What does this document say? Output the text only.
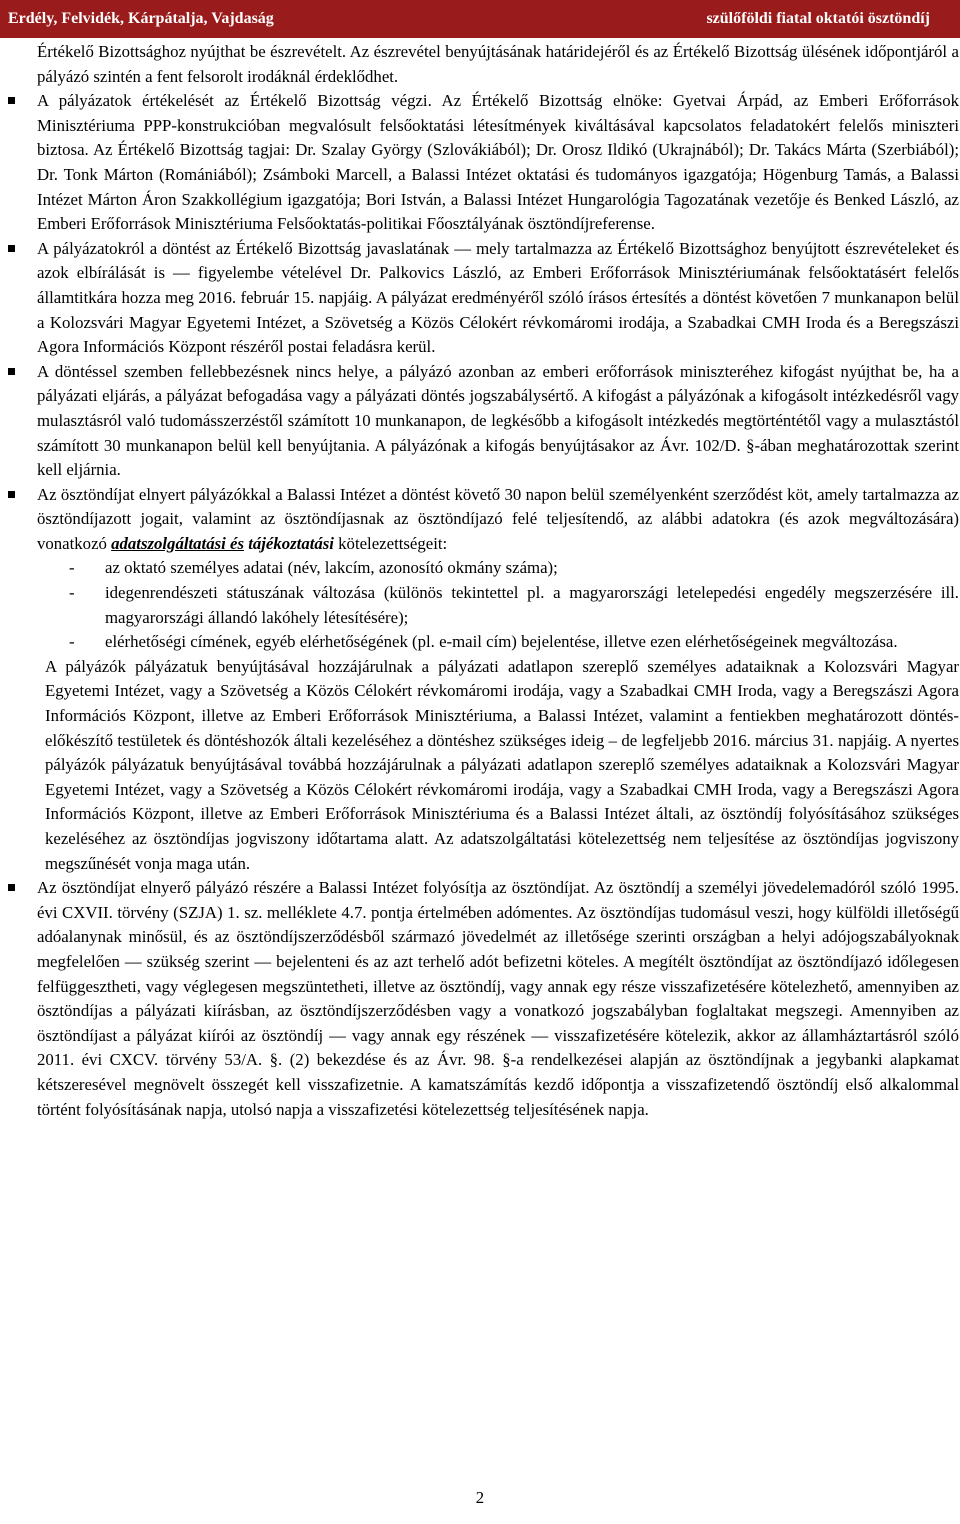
Erdély, Felvidék, Kárpátalja, Vajdaság	szülőföldi fiatal oktatói ösztöndíj

Értékelő Bizottsághoz nyújthat be észrevételt. Az észrevétel benyújtásának határidejéről és az Értékelő Bizottság ülésének időpontjáról a pályázó szintén a fent felsorolt irodáknál érdeklődhet.

A pályázatok értékelését az Értékelő Bizottság végzi. Az Értékelő Bizottság elnöke: Gyetvai Árpád, az Emberi Erőforrások Minisztériuma PPP-konstrukcióban megvalósult felsőoktatási létesítmények kiváltásával kapcsolatos feladatokért felelős miniszteri biztosa. Az Értékelő Bizottság tagjai: Dr. Szalay György (Szlovákiából); Dr. Orosz Ildikó (Ukrajnából); Dr. Takács Márta (Szerbiából); Dr. Tonk Márton (Romániából); Zsámboki Marcell, a Balassi Intézet oktatási és tudományos igazgatója; Högenburg Tamás, a Balassi Intézet Márton Áron Szakkollégium igazgatója; Bori István, a Balassi Intézet Hungarológia Tagozatának vezetője és Benked László, az Emberi Erőforrások Minisztériuma Felsőoktatás-politikai Főosztályának ösztöndíjreferense.

A pályázatokról a döntést az Értékelő Bizottság javaslatának ― mely tartalmazza az Értékelő Bizottsághoz benyújtott észrevételeket és azok elbírálását is ― figyelembe vételével Dr. Palkovics László, az Emberi Erőforrások Minisztériumának felsőoktatásért felelős államtitkára hozza meg 2016. február 15. napjáig. A pályázat eredményéről szóló írásos értesítés a döntést követően 7 munkanapon belül a Kolozsvári Magyar Egyetemi Intézet, a Szövetség a Közös Célokért révkomáromi irodája, a Szabadkai CMH Iroda és a Beregszászi Agora Információs Központ részéről postai feladásra kerül.

A döntéssel szemben fellebbezésnek nincs helye, a pályázó azonban az emberi erőforrások miniszteréhez kifogást nyújthat be, ha a pályázati eljárás, a pályázat befogadása vagy a pályázati döntés jogszabálysértő. A kifogást a pályázónak a kifogásolt intézkedésről vagy mulasztásról való tudomásszerzéstől számított 10 munkanapon, de legkésőbb a kifogásolt intézkedés megtörténtétől vagy a mulasztástól számított 30 munkanapon belül kell benyújtania. A pályázónak a kifogás benyújtásakor az Ávr. 102/D. §-ában meghatározottak szerint kell eljárnia.

Az ösztöndíjat elnyert pályázókkal a Balassi Intézet a döntést követő 30 napon belül személyenként szerződést köt, amely tartalmazza az ösztöndíjazott jogait, valamint az ösztöndíjasnak az ösztöndíjazó felé teljesítendő, az alábbi adatokra (és azok megváltozására) vonatkozó adatszolgáltatási és tájékoztatási kötelezettségeit:

- az oktató személyes adatai (név, lakcím, azonosító okmány száma);

- idegenrendészeti státuszának változása (különös tekintettel pl. a magyarországi letelepedési engedély megszerzésére ill. magyarországi állandó lakóhely létesítésére);

- elérhetőségi címének, egyéb elérhetőségének (pl. e-mail cím) bejelentése, illetve ezen elérhetőségeinek megváltozása.

A pályázók pályázatuk benyújtásával hozzájárulnak a pályázati adatlapon szereplő személyes adataiknak a Kolozsvári Magyar Egyetemi Intézet, vagy a Szövetség a Közös Célokért révkomáromi irodája, vagy a Szabadkai CMH Iroda, vagy a Beregszászi Agora Információs Központ, illetve az Emberi Erőforrások Minisztériuma, a Balassi Intézet, valamint a fentiekben meghatározott döntés-előkészítő testületek és döntéshozók általi kezeléséhez a döntéshez szükséges ideig – de legfeljebb 2016. március 31. napjáig. A nyertes pályázók pályázatuk benyújtásával továbbá hozzájárulnak a pályázati adatlapon szereplő személyes adataiknak a Kolozsvári Magyar Egyetemi Intézet, vagy a Szövetség a Közös Célokért révkomáromi irodája, vagy a Szabadkai CMH Iroda, vagy a Beregszászi Agora Információs Központ, illetve az Emberi Erőforrások Minisztériuma és a Balassi Intézet általi, az ösztöndíj folyósításához szükséges kezeléséhez az ösztöndíjas jogviszony időtartama alatt. Az adatszolgáltatási kötelezettség nem teljesítése az ösztöndíjas jogviszony megszűnését vonja maga után.

Az ösztöndíjat elnyerő pályázó részére a Balassi Intézet folyósítja az ösztöndíjat. Az ösztöndíj a személyi jövedelemadóról szóló 1995. évi CXVII. törvény (SZJA) 1. sz. melléklete 4.7. pontja értelmében adómentes. Az ösztöndíjas tudomásul veszi, hogy külföldi illetőségű adóalanynak minősül, és az ösztöndíjszerződésből származó jövedelmét az illetősége szerinti országban a helyi adójogszabályoknak megfelelően ― szükség szerint ― bejelenteni és az azt terhelő adót befizetni köteles. A megítélt ösztöndíjat az ösztöndíjazó időlegesen felfüggesztheti, vagy véglegesen megszüntetheti, illetve az ösztöndíj, vagy annak egy része visszafizetésére kötelezhető, amennyiben az ösztöndíjas a pályázati kiírásban, az ösztöndíjszerződésben vagy a vonatkozó jogszabályban foglaltakat megszegi. Amennyiben az ösztöndíjast a pályázat kiírói az ösztöndíj ― vagy annak egy részének ― visszafizetésére kötelezik, akkor az államháztartásról szóló 2011. évi CXCV. törvény 53/A. §. (2) bekezdése és az Ávr. 98. §-a rendelkezései alapján az ösztöndíjnak a jegybanki alapkamat kétszeresével megnövelt összegét kell visszafizetnie. A kamatszámítás kezdő időpontja a visszafizetendő ösztöndíj első alkalommal történt folyósításának napja, utolsó napja a visszafizetési kötelezettség teljesítésének napja.

2
